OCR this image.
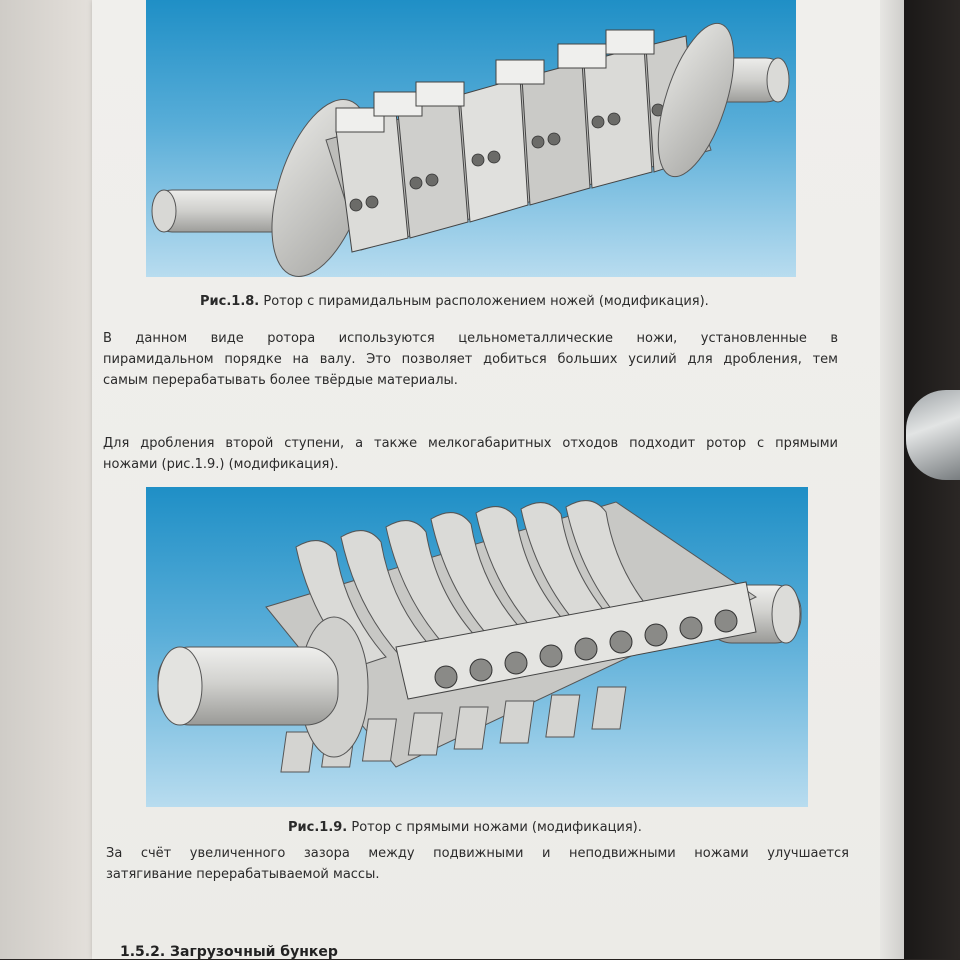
Рис.1.8. Ротор с пирамидальным расположением ножей (модификация).
В данном виде ротора используются цельнометаллические ножи, установленные в
пирамидальном порядке на валу. Это позволяет добиться больших усилий для дробления, тем
самым перерабатывать более твёрдые материалы.
Для дробления второй ступени, а также мелкогабаритных отходов подходит ротор с прямыми
ножами (рис.1.9.) (модификация).
Рис.1.9. Ротор с прямыми ножами (модификация).
За счёт увеличенного зазора между подвижными и неподвижными ножами улучшается
затягивание перерабатываемой массы.
1.5.2. Загрузочный бункер
